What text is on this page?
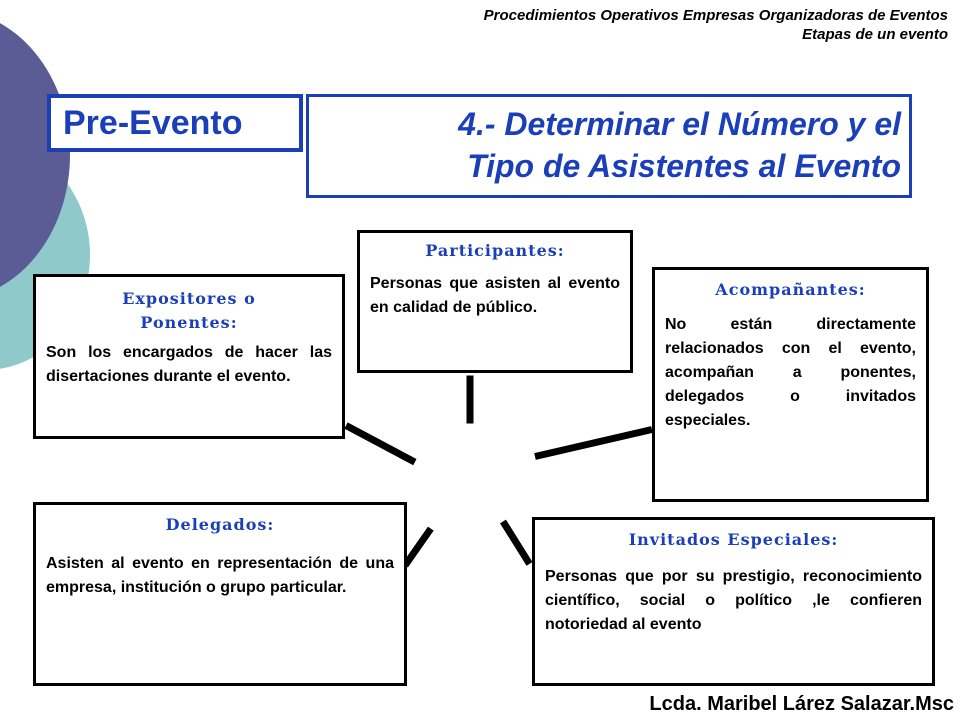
Procedimientos Operativos Empresas Organizadoras de Eventos
Etapas de un evento
4.- Determinar el Número y el
Tipo de Asistentes al Evento
Pre-Evento
Participantes:
Personas que asisten al evento en calidad de público.
Expositores o Ponentes:
Son los encargados de hacer las disertaciones durante el evento.
Acompañantes:
No están directamente relacionados con el evento, acompañan a ponentes, delegados o invitados especiales.
Delegados:
Asisten al evento en representación de una empresa, institución o grupo particular.
Invitados Especiales:
Personas que por su prestigio, reconocimiento científico, social o político ,le confieren notoriedad al evento
Lcda. Maribel Lárez Salazar.Msc
